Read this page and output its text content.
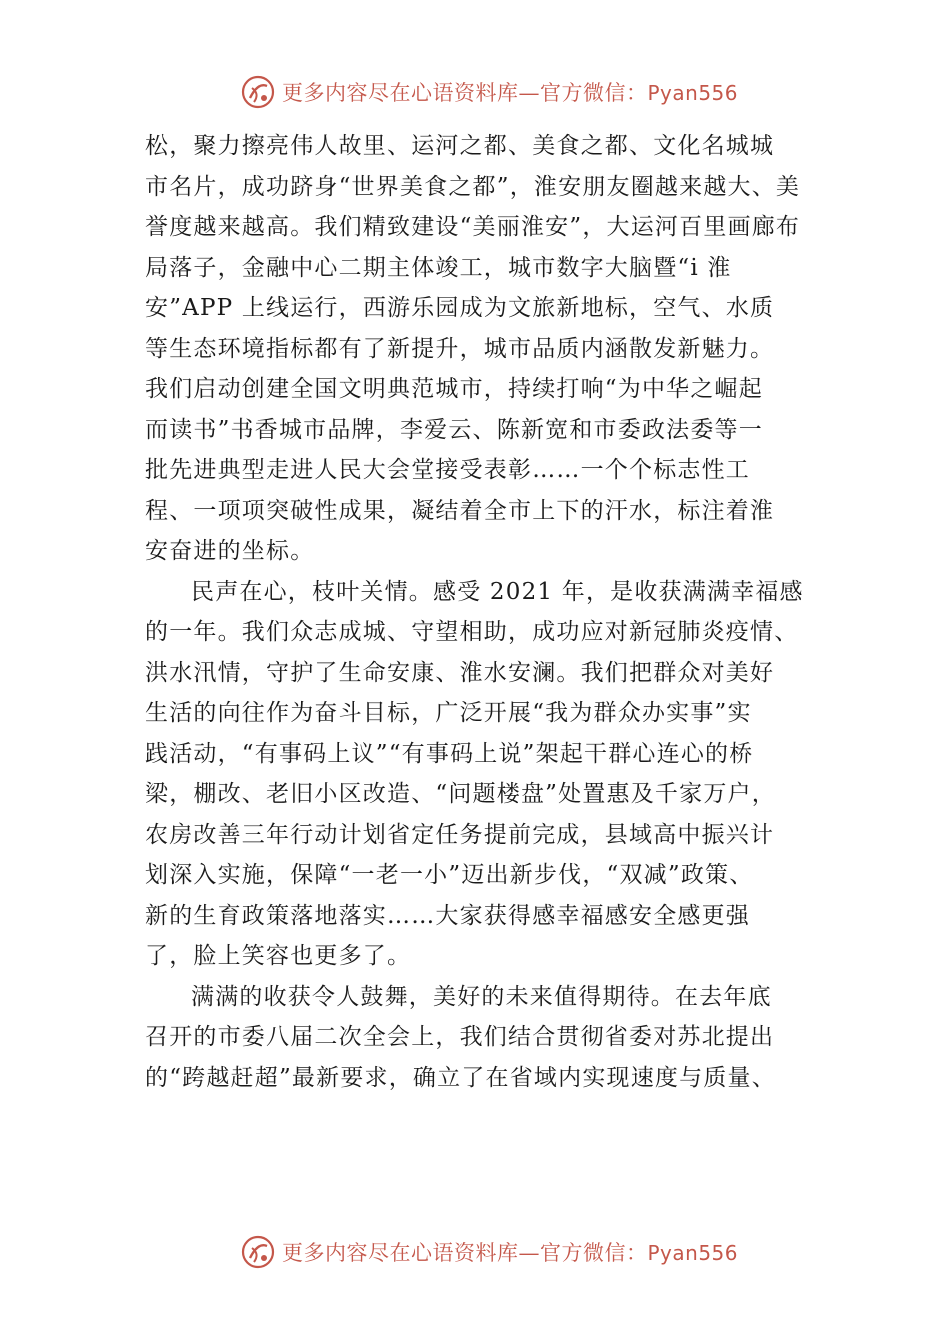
更多内容尽在心语资料库—官方微信：Pyan556
松，聚力擦亮伟人故里、运河之都、美食之都、文化名城城
市名片，成功跻身“世界美食之都”，淮安朋友圈越来越大、美
誉度越来越高。我们精致建设“美丽淮安”，大运河百里画廊布
局落子，金融中心二期主体竣工，城市数字大脑暨“i 淮
安”APP 上线运行，西游乐园成为文旅新地标，空气、水质
等生态环境指标都有了新提升，城市品质内涵散发新魅力。
我们启动创建全国文明典范城市，持续打响“为中华之崛起
而读书”书香城市品牌，李爱云、陈新宽和市委政法委等一
批先进典型走进人民大会堂接受表彰……一个个标志性工
程、一项项突破性成果，凝结着全市上下的汗水，标注着淮
安奋进的坐标。
民声在心，枝叶关情。感受 2021 年，是收获满满幸福感
的一年。我们众志成城、守望相助，成功应对新冠肺炎疫情、
洪水汛情，守护了生命安康、淮水安澜。我们把群众对美好
生活的向往作为奋斗目标，广泛开展“我为群众办实事”实
践活动，“有事码上议”“有事码上说”架起干群心连心的桥
梁，棚改、老旧小区改造、“问题楼盘”处置惠及千家万户，
农房改善三年行动计划省定任务提前完成，县域高中振兴计
划深入实施，保障“一老一小”迈出新步伐，“双减”政策、
新的生育政策落地落实……大家获得感幸福感安全感更强
了，脸上笑容也更多了。
满满的收获令人鼓舞，美好的未来值得期待。在去年底
召开的市委八届二次全会上，我们结合贯彻省委对苏北提出
的“跨越赶超”最新要求，确立了在省域内实现速度与质量、
更多内容尽在心语资料库—官方微信：Pyan556
